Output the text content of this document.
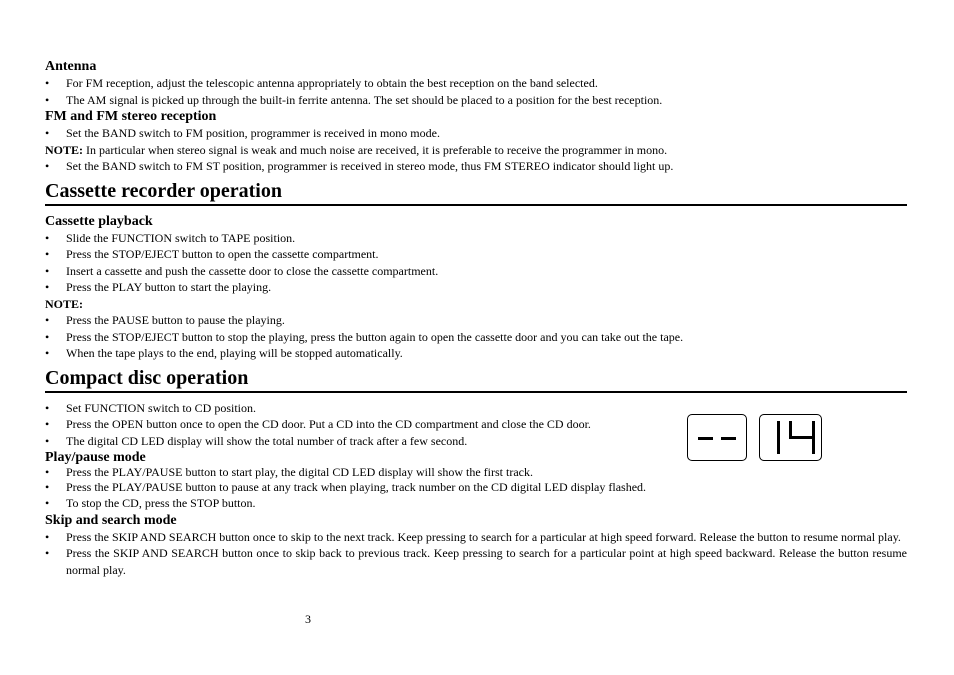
Antenna
• For FM reception, adjust the telescopic antenna appropriately to obtain the best reception on the band selected.
• The AM signal is picked up through the built-in ferrite antenna. The set should be placed to a position for the best reception.
FM and FM stereo reception
• Set the BAND switch to FM position, programmer is received in mono mode.
NOTE: In particular when stereo signal is weak and much noise are received, it is preferable to receive the programmer in mono.
• Set the BAND switch to FM ST position, programmer is received in stereo mode, thus FM STEREO indicator should light up.
Cassette recorder operation
Cassette playback
• Slide the FUNCTION switch to TAPE position.
• Press the STOP/EJECT button to open the cassette compartment.
• Insert a cassette and push the cassette door to close the cassette compartment.
• Press the PLAY button to start the playing.
NOTE:
• Press the PAUSE button to pause the playing.
• Press the STOP/EJECT button to stop the playing, press the button again to open the cassette door and you can take out the tape.
• When the tape plays to the end, playing will be stopped automatically.
Compact disc operation
• Set FUNCTION switch to CD position.
• Press the OPEN button once to open the CD door. Put a CD into the CD compartment and close the CD door.
• The digital CD LED display will show the total number of track after a few second.
Play/pause mode
• Press the PLAY/PAUSE button to start play, the digital CD LED display will show the first track.
• Press the PLAY/PAUSE button to pause at any track when playing, track number on the CD digital LED display flashed.
• To stop the CD, press the STOP button.
Skip and search mode
• Press the SKIP AND SEARCH button once to skip to the next track. Keep pressing to search for a particular at high speed forward. Release the button to resume normal play.
• Press the SKIP AND SEARCH button once to skip back to previous track. Keep pressing to search for a particular point at high speed backward. Release the button resume normal play.
3
